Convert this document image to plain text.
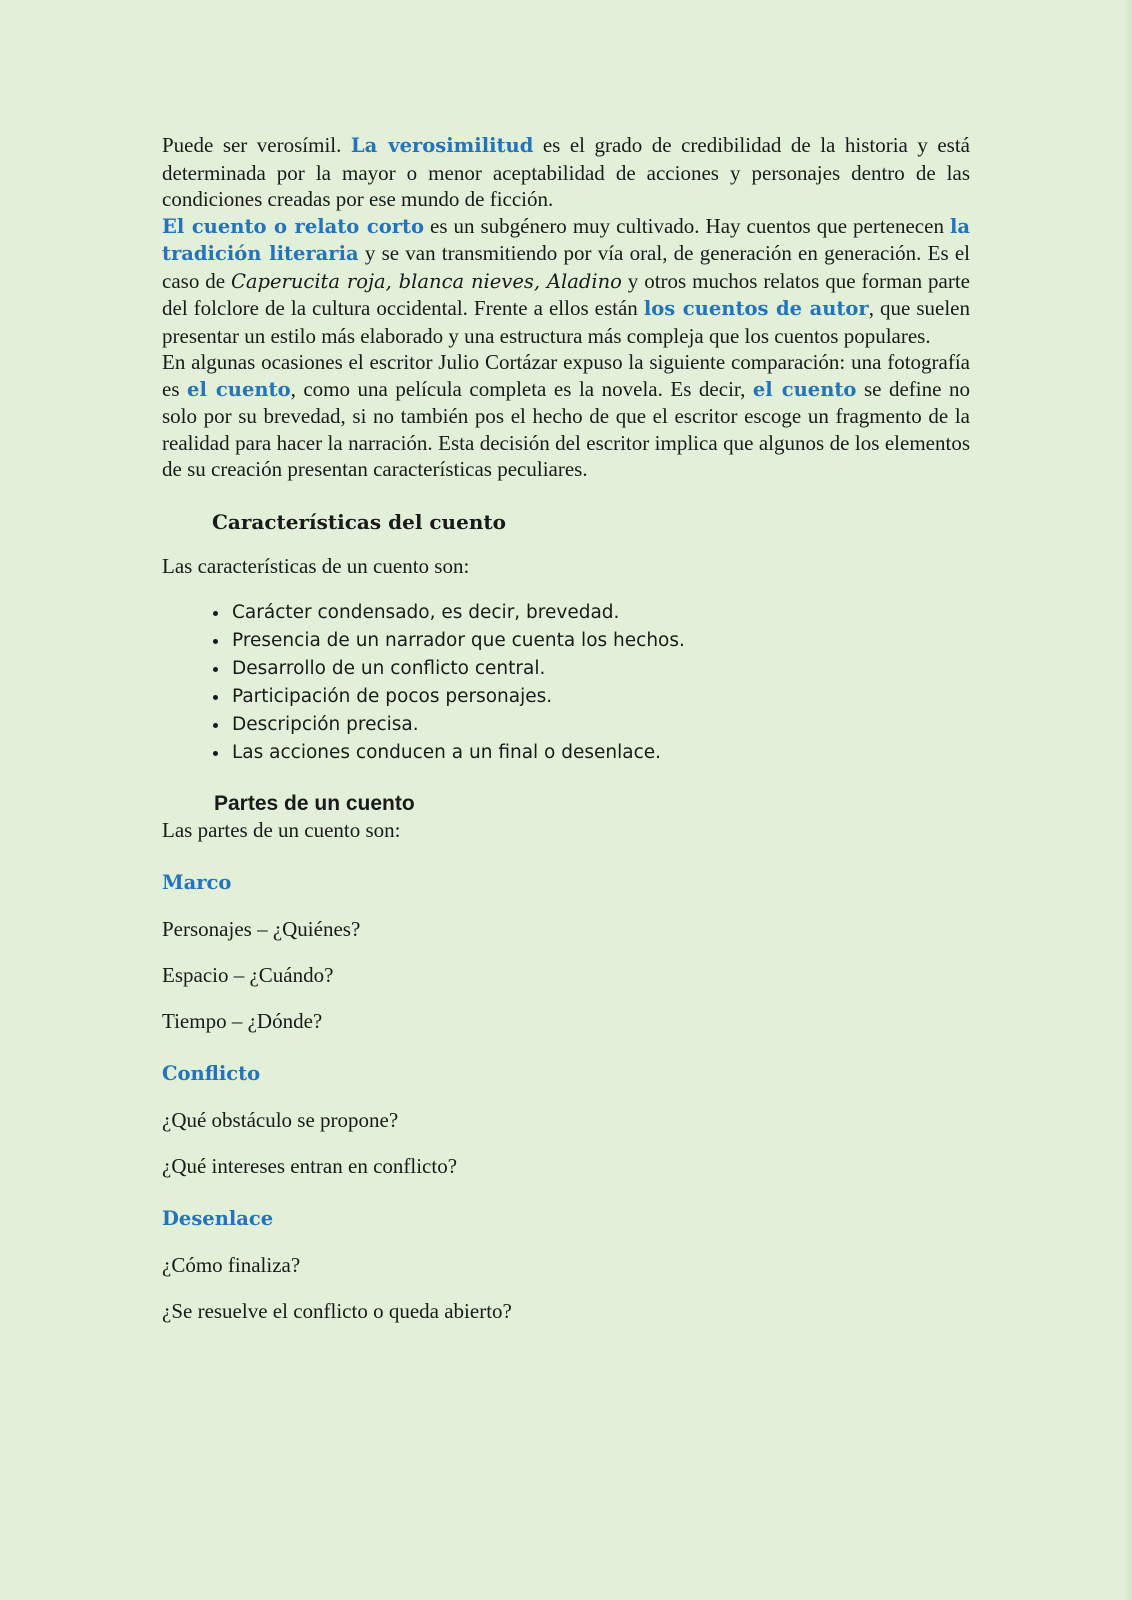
Puede ser verosímil. La verosimilitud es el grado de credibilidad de la historia y está determinada por la mayor o menor aceptabilidad de acciones y personajes dentro de las condiciones creadas por ese mundo de ficción.

El cuento o relato corto es un subgénero muy cultivado. Hay cuentos que pertenecen la tradición literaria y se van transmitiendo por vía oral, de generación en generación. Es el caso de Caperucita roja, blanca nieves, Aladino y otros muchos relatos que forman parte del folclore de la cultura occidental. Frente a ellos están los cuentos de autor, que suelen presentar un estilo más elaborado y una estructura más compleja que los cuentos populares.

En algunas ocasiones el escritor Julio Cortázar expuso la siguiente comparación: una fotografía es el cuento, como una película completa es la novela. Es decir, el cuento se define no solo por su brevedad, si no también pos el hecho de que el escritor escoge un fragmento de la realidad para hacer la narración. Esta decisión del escritor implica que algunos de los elementos de su creación presentan características peculiares.

Características del cuento

Las características de un cuento son:

• Carácter condensado, es decir, brevedad.
• Presencia de un narrador que cuenta los hechos.
• Desarrollo de un conflicto central.
• Participación de pocos personajes.
• Descripción precisa.
• Las acciones conducen a un final o desenlace.
Partes de un cuento

Las partes de un cuento son:

Marco

Personajes – ¿Quiénes?

Espacio – ¿Cuándo?

Tiempo – ¿Dónde?

Conflicto

¿Qué obstáculo se propone?

¿Qué intereses entran en conflicto?

Desenlace

¿Cómo finaliza?

¿Se resuelve el conflicto o queda abierto?
